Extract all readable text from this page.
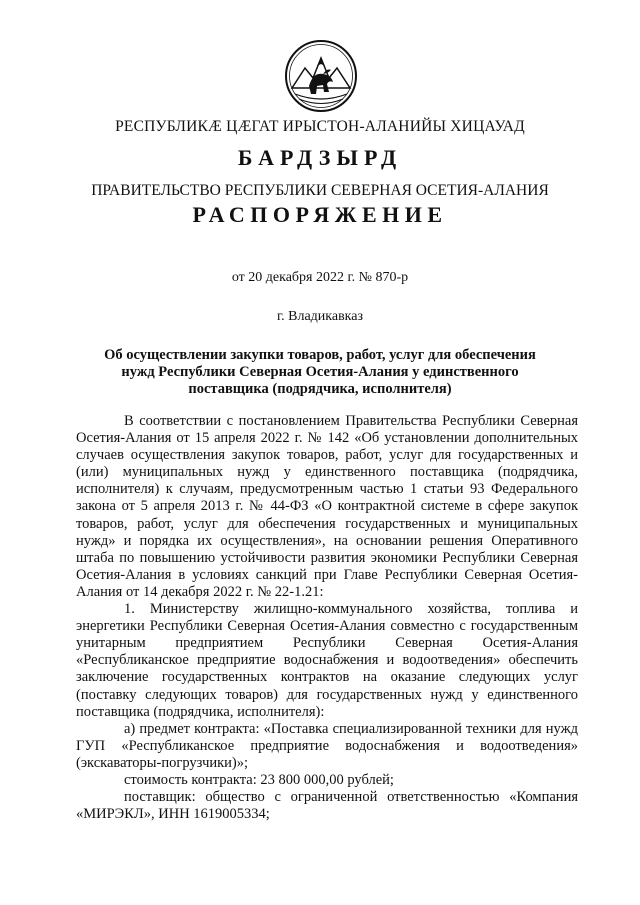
РЕСПУБЛИКӔ ЦӔГАТ ИРЫСТОН-АЛАНИЙЫ ХИЦАУАД
БАРДЗЫРД
ПРАВИТЕЛЬСТВО РЕСПУБЛИКИ СЕВЕРНАЯ ОСЕТИЯ-АЛАНИЯ
РАСПОРЯЖЕНИЕ
от 20 декабря 2022 г. № 870-р
г. Владикавказ
Об осуществлении закупки товаров, работ, услуг для обеспечения нужд Республики Северная Осетия-Алания у единственного поставщика (подрядчика, исполнителя)

В соответствии с постановлением Правительства Республики Северная Осетия-Алания от 15 апреля 2022 г. № 142 «Об установлении дополнительных случаев осуществления закупок товаров, работ, услуг для государственных и (или) муниципальных нужд у единственного поставщика (подрядчика, исполнителя) к случаям, предусмотренным частью 1 статьи 93 Федерального закона от 5 апреля 2013 г. № 44-ФЗ «О контрактной системе в сфере закупок товаров, работ, услуг для обеспечения государственных и муниципальных нужд» и порядка их осуществления», на основании решения Оперативного штаба по повышению устойчивости развития экономики Республики Северная Осетия-Алания в условиях санкций при Главе Республики Северная Осетия-Алания от 14 декабря 2022 г. № 22-1.21:

1. Министерству жилищно-коммунального хозяйства, топлива и энергетики Республики Северная Осетия-Алания совместно с государственным унитарным предприятием Республики Северная Осетия-Алания «Республиканское предприятие водоснабжения и водоотведения» обеспечить заключение государственных контрактов на оказание следующих услуг (поставку следующих товаров) для государственных нужд у единственного поставщика (подрядчика, исполнителя):

а) предмет контракта: «Поставка специализированной техники для нужд ГУП «Республиканское предприятие водоснабжения и водоотведения» (экскаваторы-погрузчики)»;

стоимость контракта: 23 800 000,00 рублей;

поставщик: общество с ограниченной ответственностью «Компания «МИРЭКЛ», ИНН 1619005334;
